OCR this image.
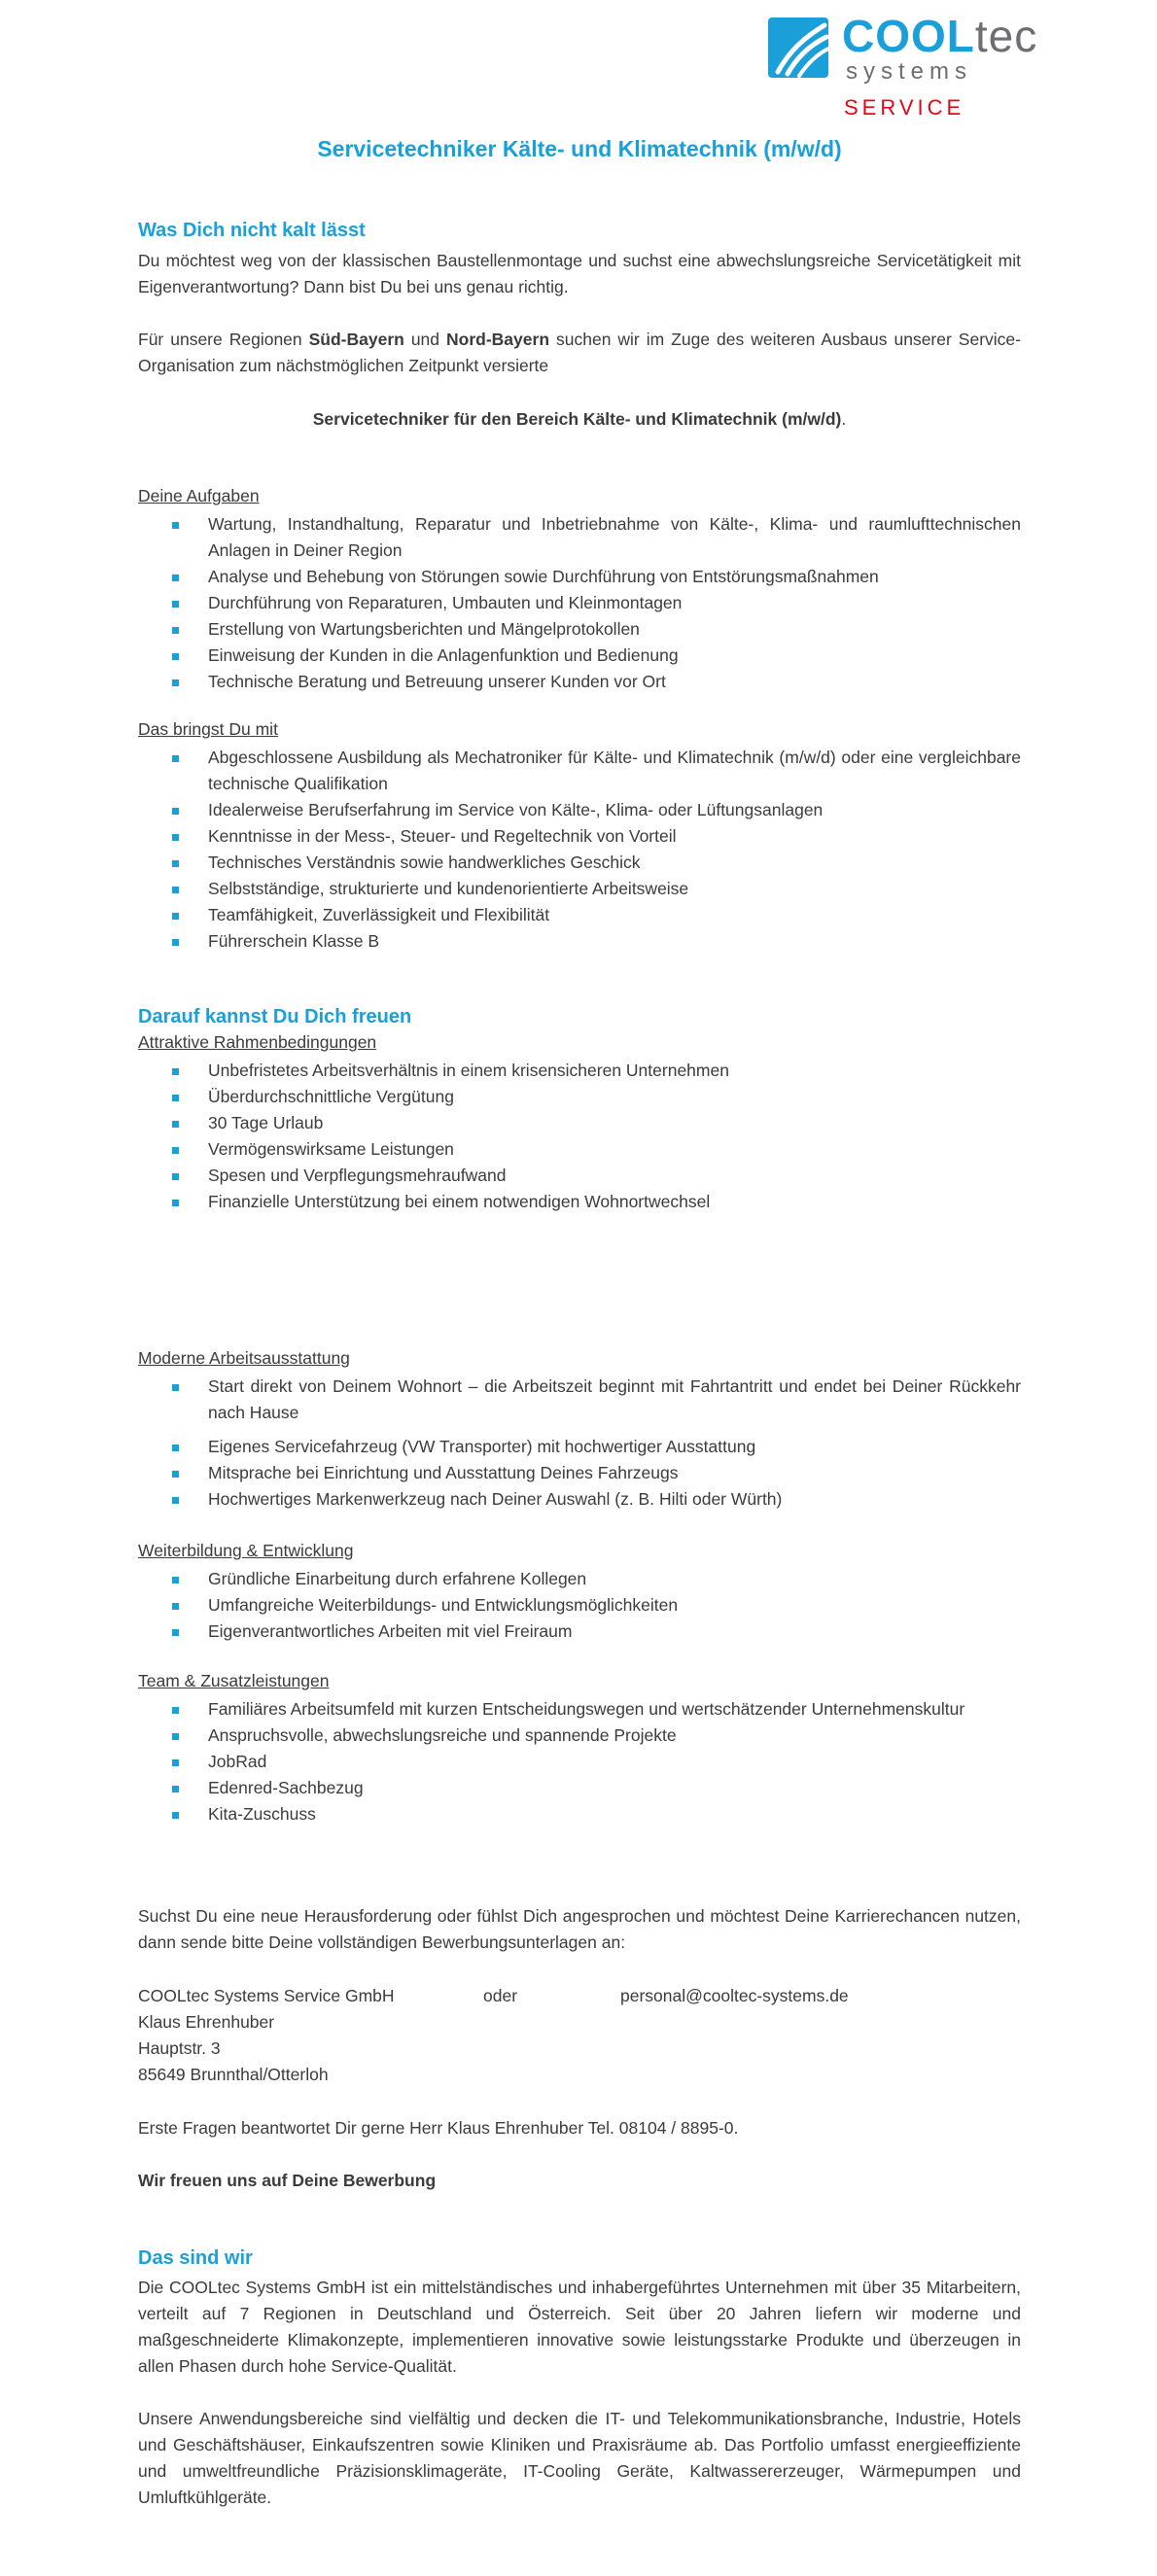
COOLtec
systems
SERVICE
Servicetechniker Kälte- und Klimatechnik (m/w/d)
Was Dich nicht kalt lässt
Du möchtest weg von der klassischen Baustellenmontage und suchst eine abwechslungsreiche Servicetätigkeit mit Eigenverantwortung? Dann bist Du bei uns genau richtig.
Für unsere Regionen Süd-Bayern und Nord-Bayern suchen wir im Zuge des weiteren Ausbaus unserer Service-Organisation zum nächstmöglichen Zeitpunkt versierte
Servicetechniker für den Bereich Kälte- und Klimatechnik (m/w/d).
Deine Aufgaben
Wartung, Instandhaltung, Reparatur und Inbetriebnahme von Kälte-, Klima- und raumlufttechnischen Anlagen in Deiner Region
Analyse und Behebung von Störungen sowie Durchführung von Entstörungsmaßnahmen
Durchführung von Reparaturen, Umbauten und Kleinmontagen
Erstellung von Wartungsberichten und Mängelprotokollen
Einweisung der Kunden in die Anlagenfunktion und Bedienung
Technische Beratung und Betreuung unserer Kunden vor Ort
Das bringst Du mit
Abgeschlossene Ausbildung als Mechatroniker für Kälte- und Klimatechnik (m/w/d) oder eine vergleichbare technische Qualifikation
Idealerweise Berufserfahrung im Service von Kälte-, Klima- oder Lüftungsanlagen
Kenntnisse in der Mess-, Steuer- und Regeltechnik von Vorteil
Technisches Verständnis sowie handwerkliches Geschick
Selbstständige, strukturierte und kundenorientierte Arbeitsweise
Teamfähigkeit, Zuverlässigkeit und Flexibilität
Führerschein Klasse B
Darauf kannst Du Dich freuen
Attraktive Rahmenbedingungen
Unbefristetes Arbeitsverhältnis in einem krisensicheren Unternehmen
Überdurchschnittliche Vergütung
30 Tage Urlaub
Vermögenswirksame Leistungen
Spesen und Verpflegungsmehraufwand
Finanzielle Unterstützung bei einem notwendigen Wohnortwechsel
Moderne Arbeitsausstattung
Start direkt von Deinem Wohnort – die Arbeitszeit beginnt mit Fahrtantritt und endet bei Deiner Rückkehr nach Hause
Eigenes Servicefahrzeug (VW Transporter) mit hochwertiger Ausstattung
Mitsprache bei Einrichtung und Ausstattung Deines Fahrzeugs
Hochwertiges Markenwerkzeug nach Deiner Auswahl (z. B. Hilti oder Würth)
Weiterbildung & Entwicklung
Gründliche Einarbeitung durch erfahrene Kollegen
Umfangreiche Weiterbildungs- und Entwicklungsmöglichkeiten
Eigenverantwortliches Arbeiten mit viel Freiraum
Team & Zusatzleistungen
Familiäres Arbeitsumfeld mit kurzen Entscheidungswegen und wertschätzender Unternehmenskultur
Anspruchsvolle, abwechslungsreiche und spannende Projekte
JobRad
Edenred-Sachbezug
Kita-Zuschuss
Suchst Du eine neue Herausforderung oder fühlst Dich angesprochen und möchtest Deine Karrierechancen nutzen, dann sende bitte Deine vollständigen Bewerbungsunterlagen an:
COOLtec Systems Service GmbH	oder	personal@cooltec-systems.de
Klaus Ehrenhuber
Hauptstr. 3
85649 Brunnthal/Otterloh
Erste Fragen beantwortet Dir gerne Herr Klaus Ehrenhuber Tel. 08104 / 8895-0.
Wir freuen uns auf Deine Bewerbung
Das sind wir
Die COOLtec Systems GmbH ist ein mittelständisches und inhabergeführtes Unternehmen mit über 35 Mitarbeitern, verteilt auf 7 Regionen in Deutschland und Österreich. Seit über 20 Jahren liefern wir moderne und maßgeschneiderte Klimakonzepte, implementieren innovative sowie leistungsstarke Produkte und überzeugen in allen Phasen durch hohe Service-Qualität.
Unsere Anwendungsbereiche sind vielfältig und decken die IT- und Telekommunikationsbranche, Industrie, Hotels und Geschäftshäuser, Einkaufszentren sowie Kliniken und Praxisräume ab. Das Portfolio umfasst energieeffiziente und umweltfreundliche Präzisionsklimageräte, IT-Cooling Geräte, Kaltwassererzeuger, Wärmepumpen und Umluftkühlgeräte.
